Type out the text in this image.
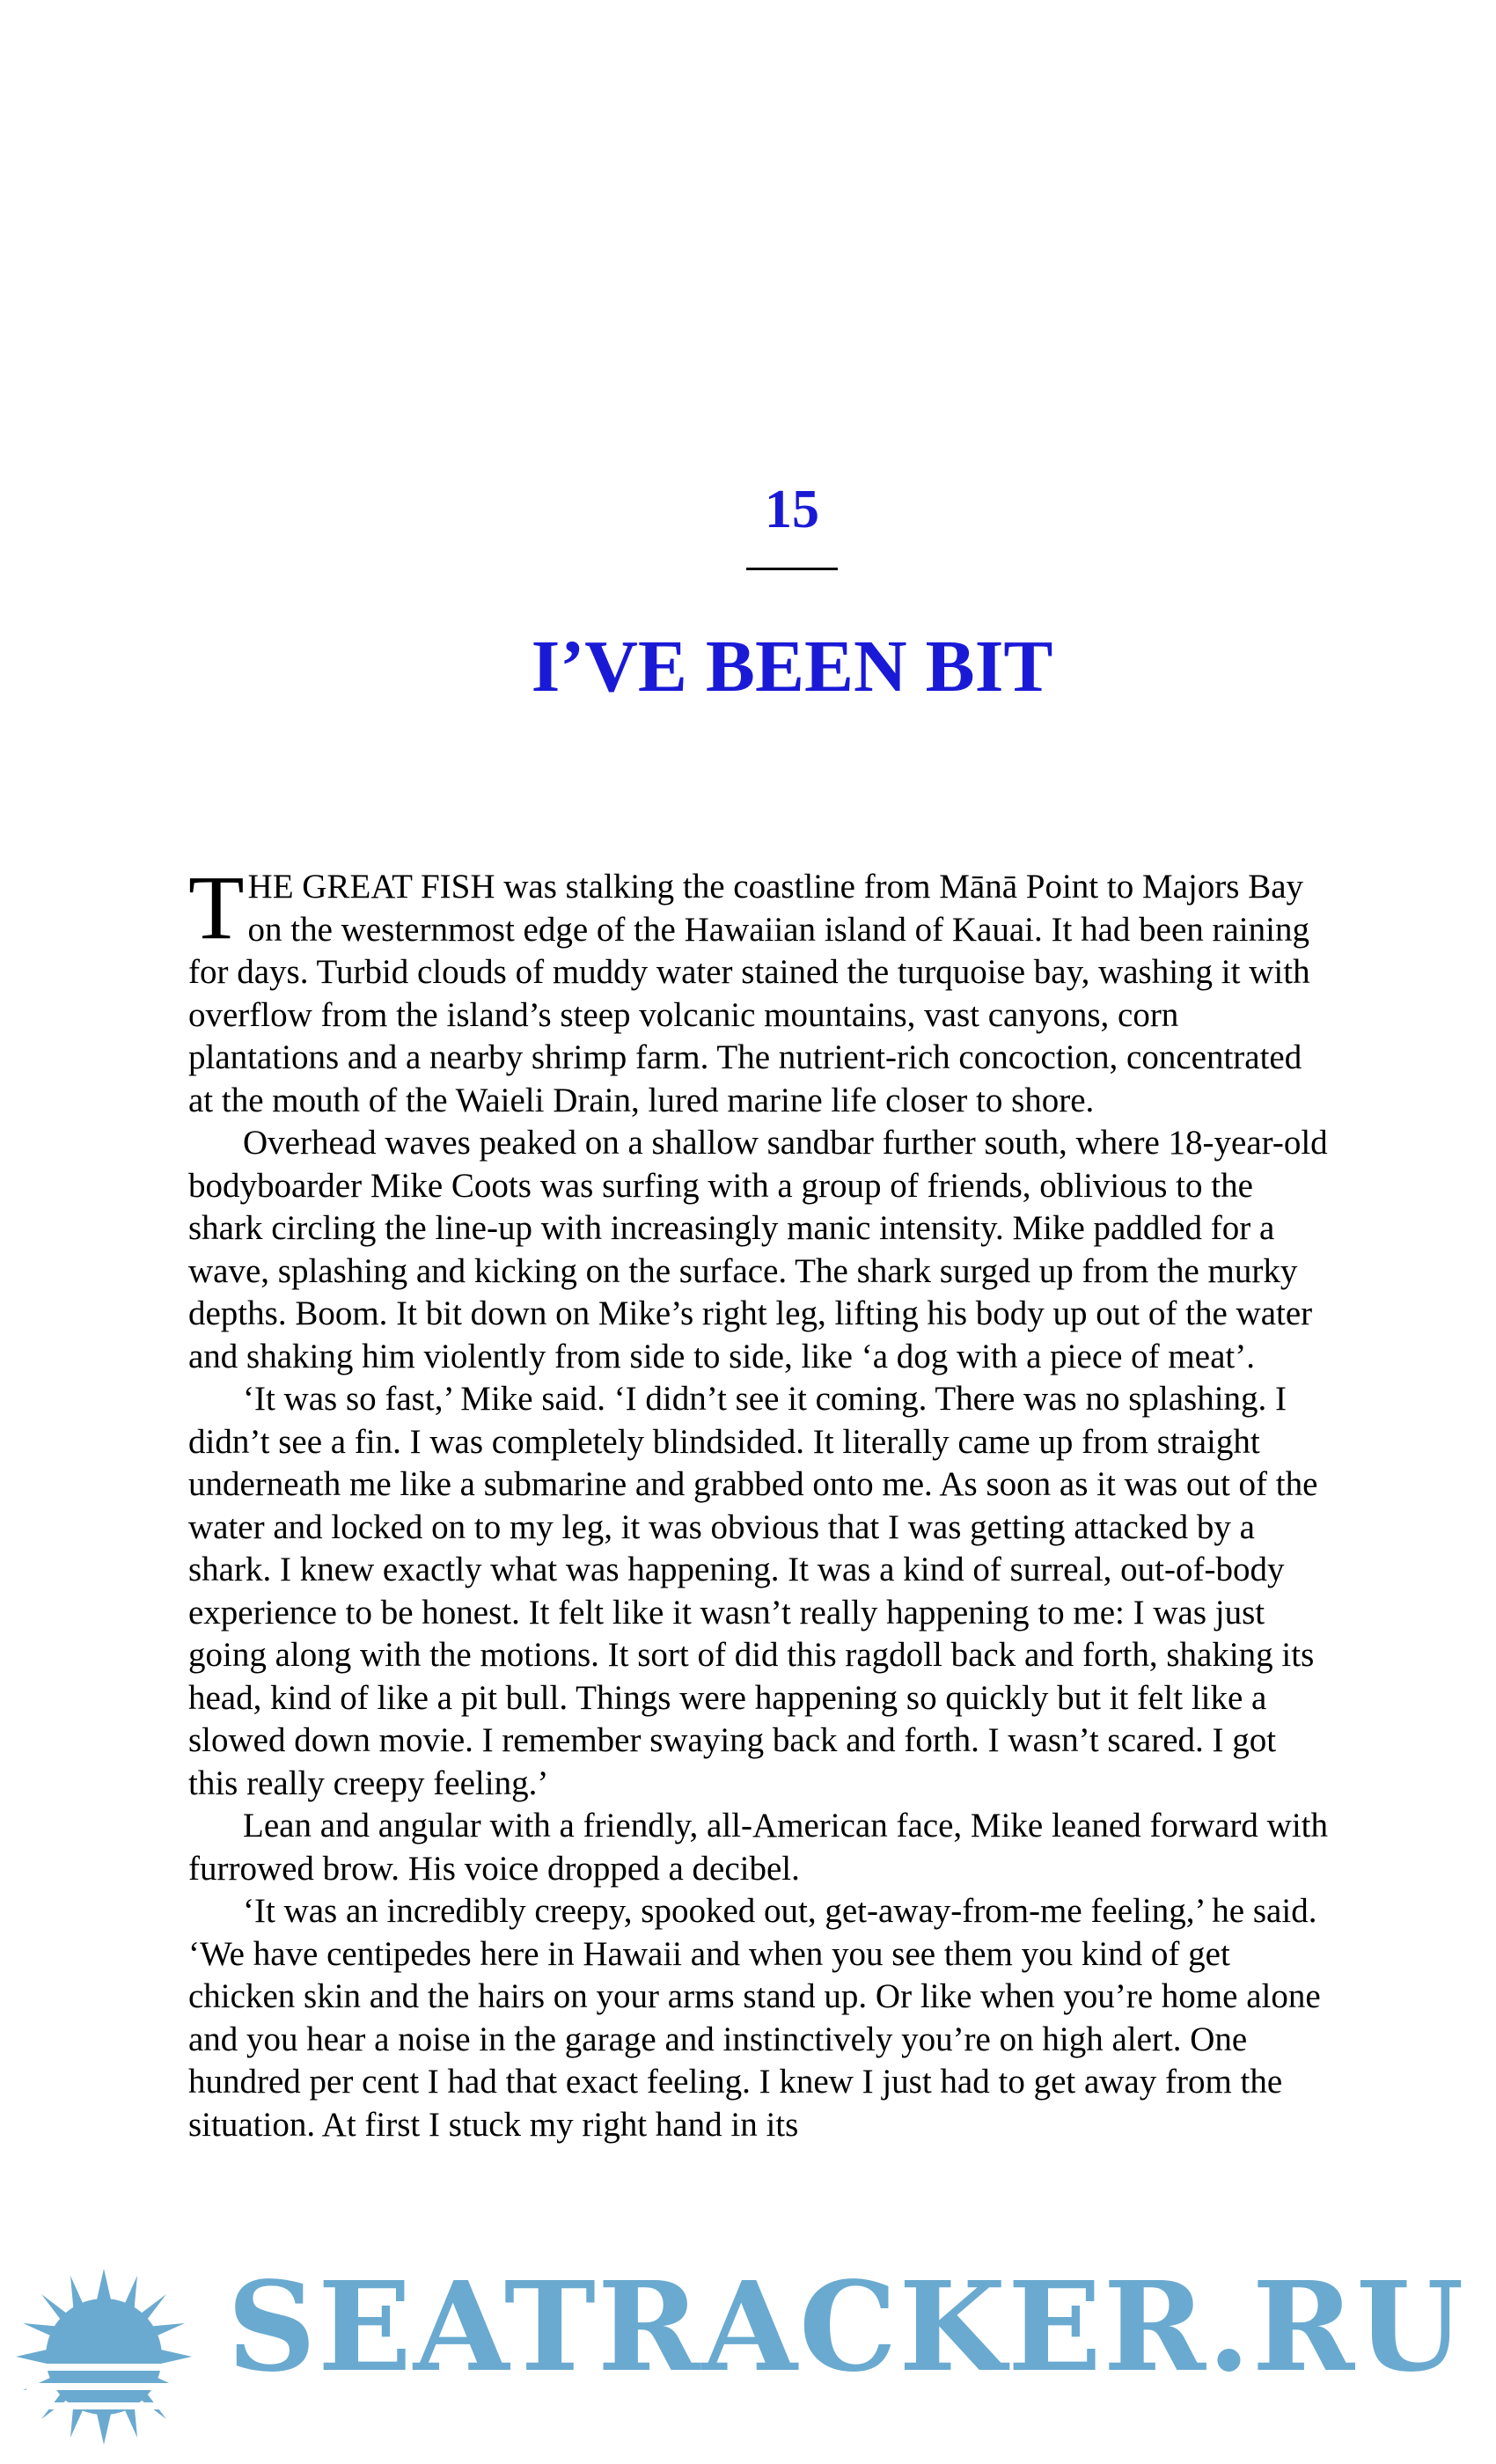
15
I’VE BEEN BIT

THE GREAT FISH was stalking the coastline from Mānā Point to Majors Bay on the westernmost edge of the Hawaiian island of Kauai. It had been raining for days. Turbid clouds of muddy water stained the turquoise bay, washing it with overflow from the island’s steep volcanic mountains, vast canyons, corn plantations and a nearby shrimp farm. The nutrient-rich concoction, concentrated at the mouth of the Waieli Drain, lured marine life closer to shore.

Overhead waves peaked on a shallow sandbar further south, where 18-year-old bodyboarder Mike Coots was surfing with a group of friends, oblivious to the shark circling the line-up with increasingly manic intensity. Mike paddled for a wave, splashing and kicking on the surface. The shark surged up from the murky depths. Boom. It bit down on Mike’s right leg, lifting his body up out of the water and shaking him violently from side to side, like ‘a dog with a piece of meat’.

‘It was so fast,’ Mike said. ‘I didn’t see it coming. There was no splashing. I didn’t see a fin. I was completely blindsided. It literally came up from straight underneath me like a submarine and grabbed onto me. As soon as it was out of the water and locked on to my leg, it was obvious that I was getting attacked by a shark. I knew exactly what was happening. It was a kind of surreal, out-of-body experience to be honest. It felt like it wasn’t really happening to me: I was just going along with the motions. It sort of did this ragdoll back and forth, shaking its head, kind of like a pit bull. Things were happening so quickly but it felt like a slowed down movie. I remember swaying back and forth. I wasn’t scared. I got this really creepy feeling.’

Lean and angular with a friendly, all-American face, Mike leaned forward with furrowed brow. His voice dropped a decibel.

‘It was an incredibly creepy, spooked out, get-away-from-me feeling,’ he said. ‘We have centipedes here in Hawaii and when you see them you kind of get chicken skin and the hairs on your arms stand up. Or like when you’re home alone and you hear a noise in the garage and instinctively you’re on high alert. One hundred per cent I had that exact feeling. I knew I just had to get away from the situation. At first I stuck my right hand in its

SEATRACKER.RU
